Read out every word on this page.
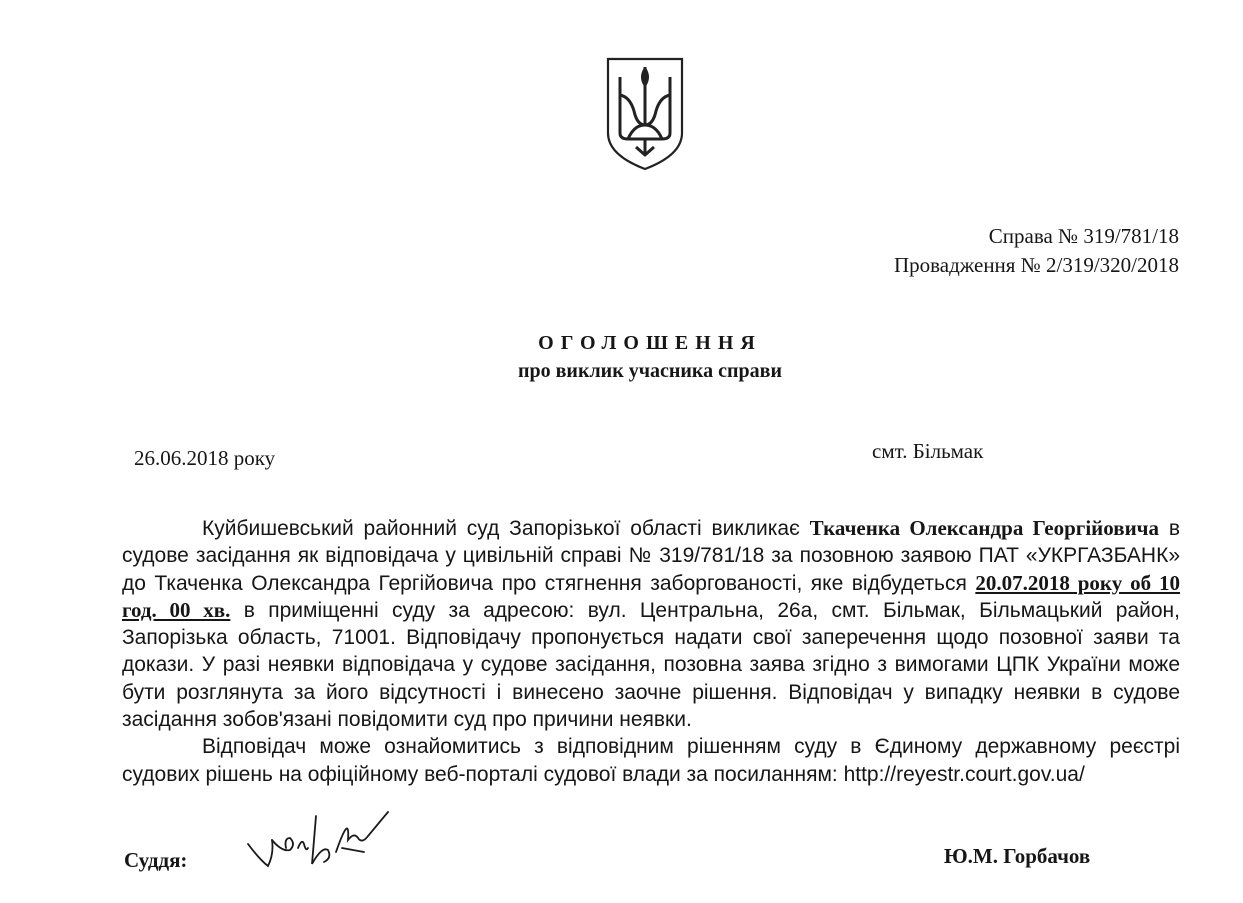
Справа № 319/781/18
Провадження № 2/319/320/2018
ОГОЛОШЕННЯ
про виклик учасника справи
26.06.2018 року	смт. Більмак

Куйбишевський районний суд Запорізької області викликає Ткаченка Олександра Георгійовича в судове засідання як відповідача у цивільній справі № 319/781/18 за позовною заявою ПАТ «УКРГАЗБАНК» до Ткаченка Олександра Гергійовича про стягнення заборгованості, яке відбудеться 20.07.2018 року об 10 год. 00 хв. в приміщенні суду за адресою: вул. Центральна, 26а, смт. Більмак, Більмацький район, Запорізька область, 71001. Відповідачу пропонується надати свої заперечення щодо позовної заяви та докази. У разі неявки відповідача у судове засідання, позовна заява згідно з вимогами ЦПК України може бути розглянута за його відсутності і винесено заочне рішення. Відповідач у випадку неявки в судове засідання зобов'язані повідомити суд про причини неявки.

Відповідач може ознайомитись з відповідним рішенням суду в Єдиному державному реєстрі судових рішень на офіційному веб-порталі судової влади за посиланням: http://reyestr.court.gov.ua/

Суддя:	Ю.М. Горбачов
